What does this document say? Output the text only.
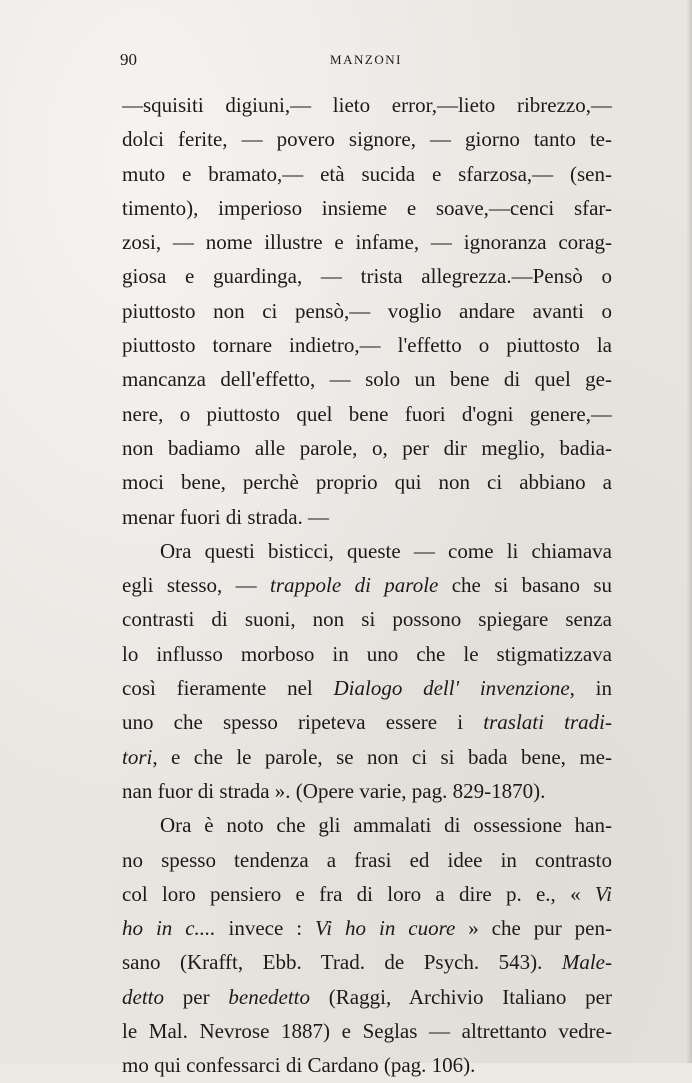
90	MANZONI
—squisiti digiuni,— lieto error,—lieto ribrezzo,—
dolci ferite, — povero signore, — giorno tanto te-
muto e bramato,— età sucida e sfarzosa,— (sen-
timento), imperioso insieme e soave,—cenci sfar-
zosi, — nome illustre e infame, — ignoranza corag-
giosa e guardinga, — trista allegrezza.—Pensò o
piuttosto non ci pensò,— voglio andare avanti o
piuttosto tornare indietro,— l'effetto o piuttosto la
mancanza dell'effetto, — solo un bene di quel ge-
nere, o piuttosto quel bene fuori d'ogni genere,—
non badiamo alle parole, o, per dir meglio, badia-
moci bene, perchè proprio qui non ci abbiano a
menar fuori di strada. —
Ora questi bisticci, queste — come li chiamava
egli stesso, — trappole di parole che si basano su
contrasti di suoni, non si possono spiegare senza
lo influsso morboso in uno che le stigmatizzava
così fieramente nel Dialogo dell' invenzione, in
uno che spesso ripeteva essere i traslati tradi-
tori, e che le parole, se non ci si bada bene, me-
nan fuor di strada ». (Opere varie, pag. 829-1870).
Ora è noto che gli ammalati di ossessione han-
no spesso tendenza a frasi ed idee in contrasto
col loro pensiero e fra di loro a dire p. e., « Vi
ho in c.... invece : Vi ho in cuore » che pur pen-
sano (Krafft, Ebb. Trad. de Psych. 543). Male-
detto per benedetto (Raggi, Archivio Italiano per
le Mal. Nevrose 1887) e Seglas — altrettanto vedre-
mo qui confessarci di Cardano (pag. 106).
